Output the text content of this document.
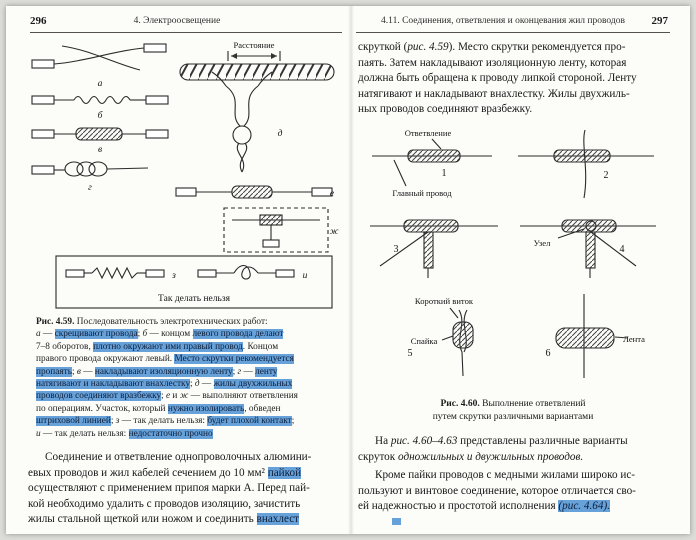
296	4. Электроосвещение
Расстояние
а
б
в
г
д
е
ж
з	и
Так делать нельзя
Рис. 4.59. Последовательность электротехнических работ:
а — скрещивают провода; б — концом левого провода делают
7–8 оборотов, плотно окружают ими правый провод. Концом
правого провода окружают левый. Место скрутки рекомендуется
пропаять; в — накладывают изоляционную ленту; г — ленту
натягивают и накладывают внахлестку; д — жилы двухжильных
проводов соединяют вразбежку; е и ж — выполняют ответвления
по операциям. Участок, который нужно изолировать, обведен
штриховой линией; з — так делать нельзя: будет плохой контакт;
и — так делать нельзя: недостаточно прочно
Соединение и ответвление однопроволочных алюмини-
евых проводов и жил кабелей сечением до 10 мм² пайкой
осуществляют с применением припоя марки А. Перед пай-
кой необходимо удалить с проводов изоляцию, зачистить
жилы стальной щеткой или ножом и соединить внахлест
4.11. Соединения, ответвления и оконцевания жил проводов	297
скруткой (рис. 4.59). Место скрутки рекомендуется про-
паять. Затем накладывают изоляционную ленту, которая
должна быть обращена к проводу липкой стороной. Ленту
натягивают и накладывают внахлестку. Жилы двухжиль-
ных проводов соединяют вразбежку.
Ответвление
1
Главный провод
2
3
Узел
4
Короткий виток
Спайка
5
Лента
6
Рис. 4.60. Выполнение ответвлений
путем скрутки различными вариантами
На рис. 4.60–4.63 представлены различные варианты
скруток одножильных и двужильных проводов.
Кроме пайки проводов с медными жилами широко ис-
пользуют и винтовое соединение, которое отличается сво-
ей надежностью и простотой исполнения (рис. 4.64).
